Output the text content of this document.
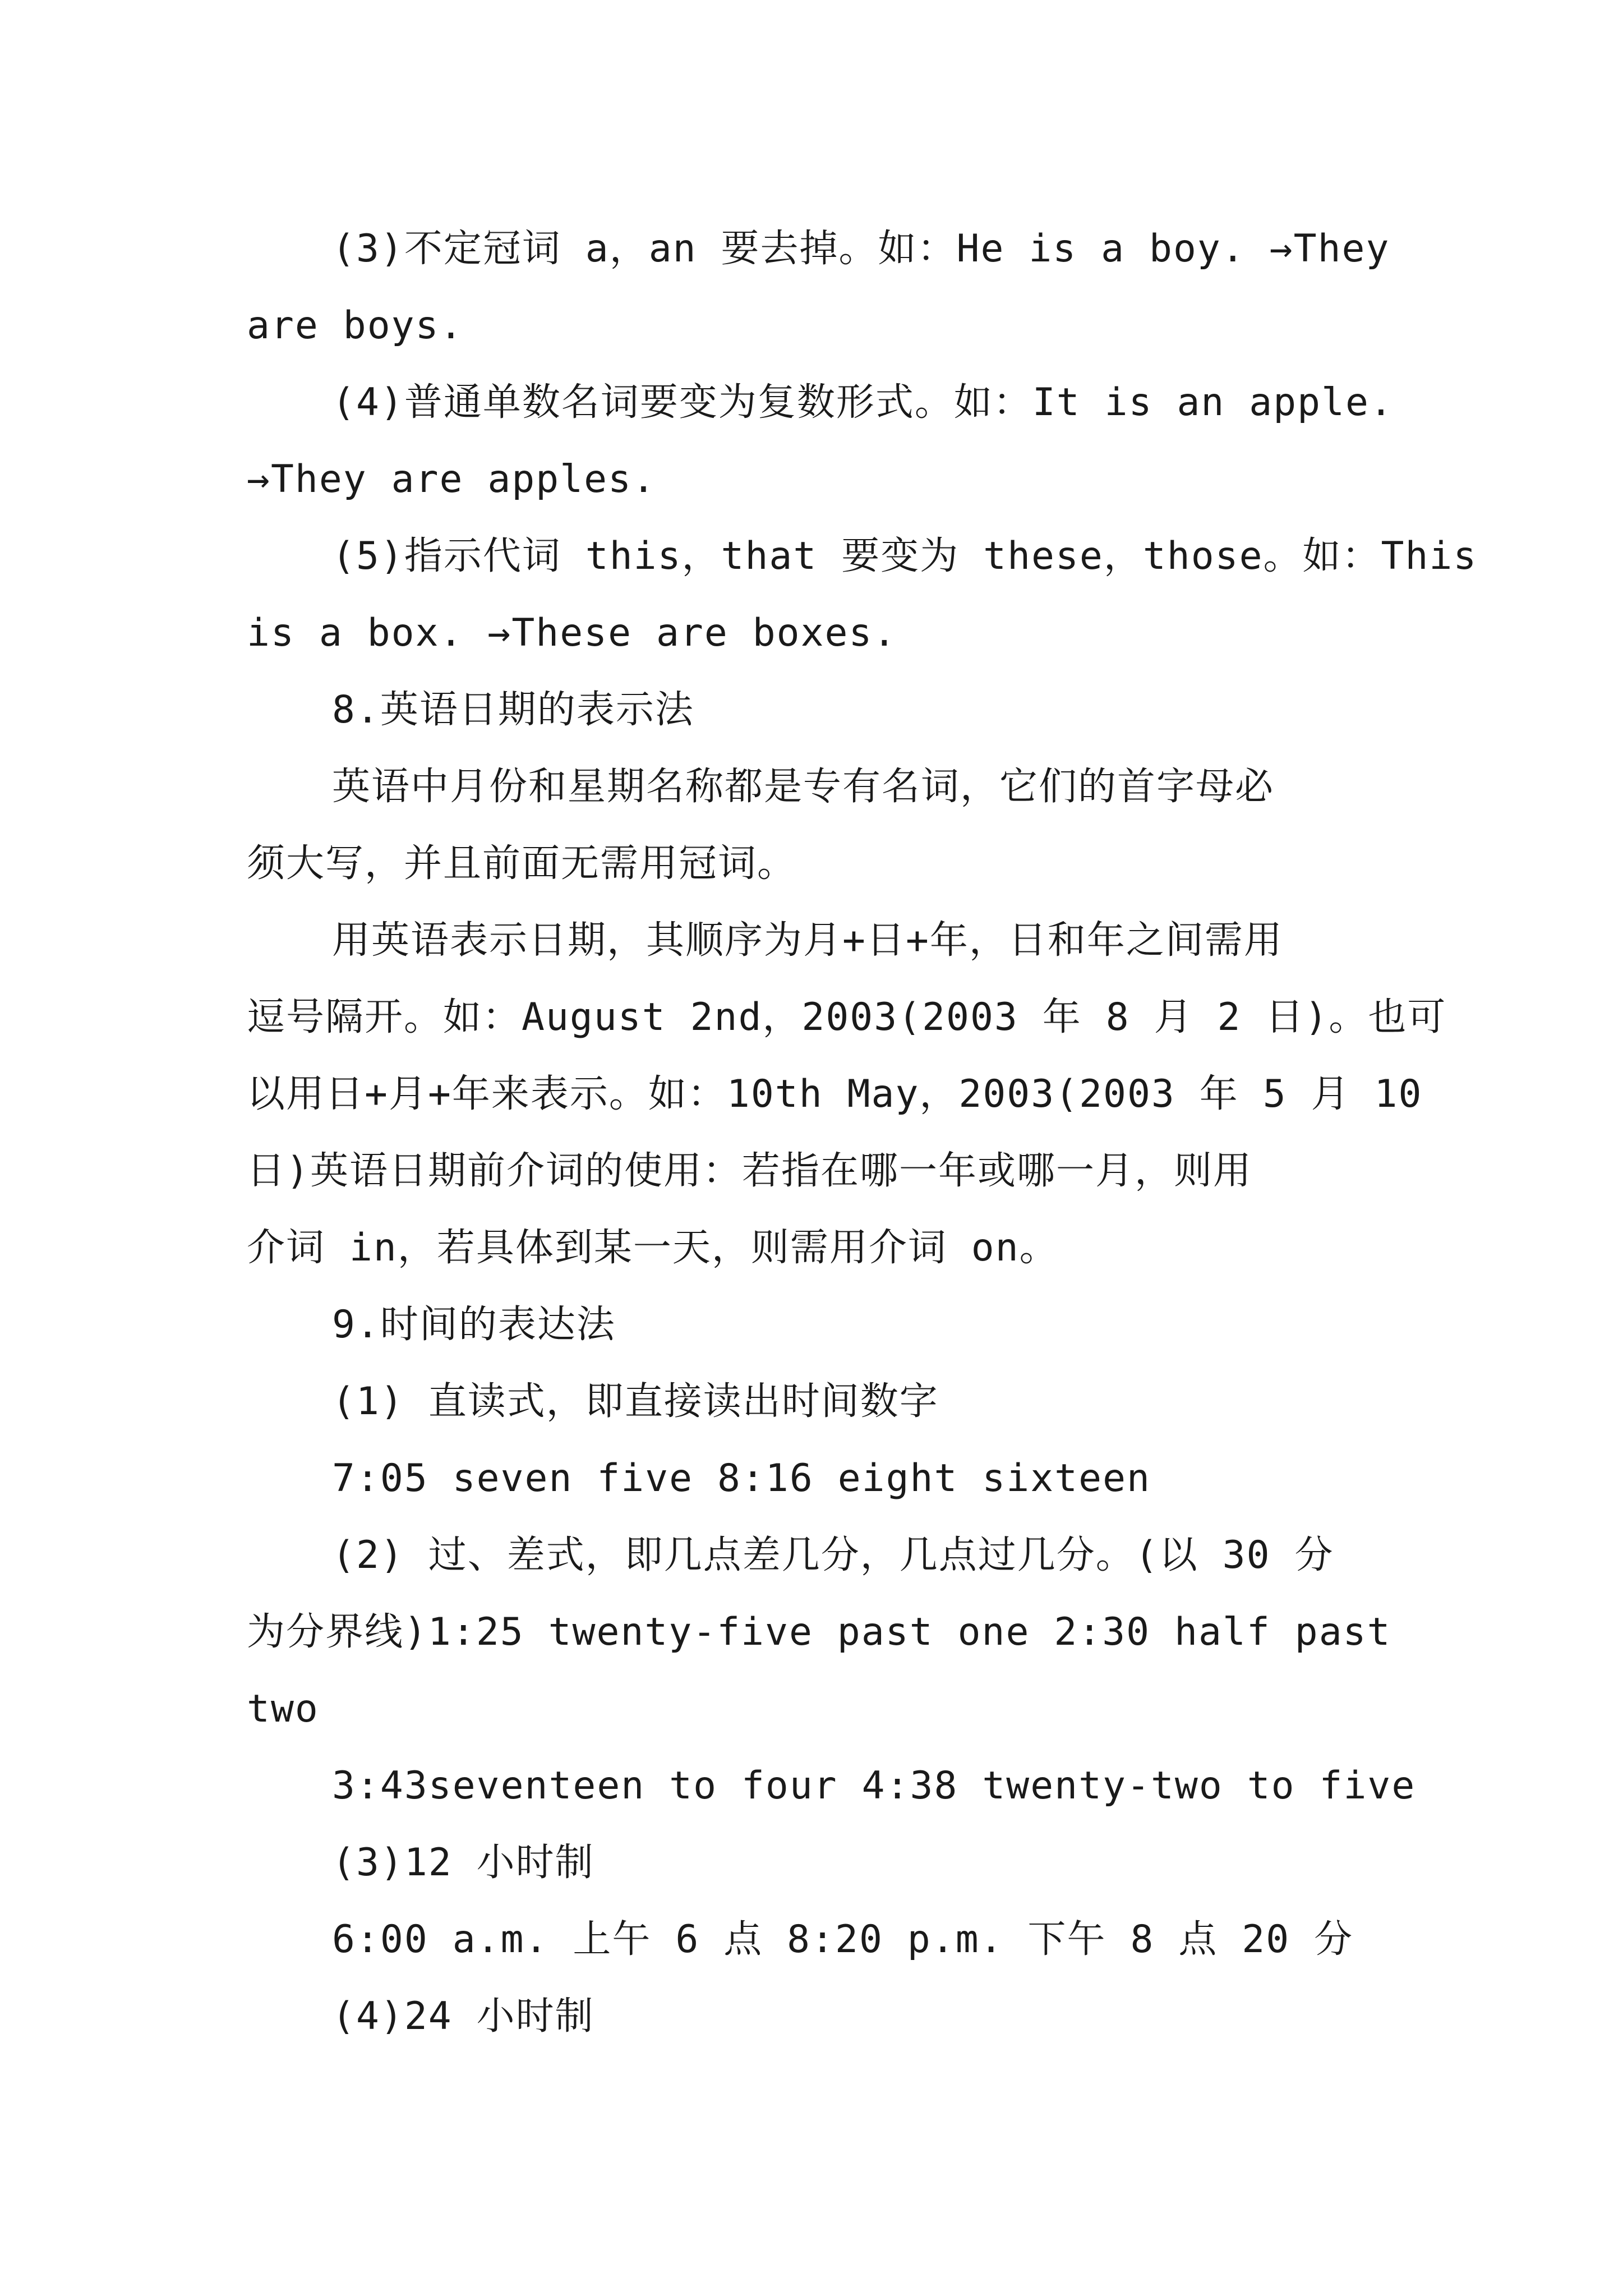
(3)不定冠词 a，an 要去掉。如：He is a boy. →They
are boys.
(4)普通单数名词要变为复数形式。如：It is an apple.
→They are apples.
(5)指示代词 this，that 要变为 these，those。如：This
is a box. →These are boxes.
8.英语日期的表示法
英语中月份和星期名称都是专有名词，它们的首字母必
须大写，并且前面无需用冠词。
用英语表示日期，其顺序为月+日+年，日和年之间需用
逗号隔开。如：August 2nd，2003(2003 年 8 月 2 日)。也可
以用日+月+年来表示。如：10th May，2003(2003 年 5 月 10
日)英语日期前介词的使用：若指在哪一年或哪一月，则用
介词 in，若具体到某一天，则需用介词 on。
9.时间的表达法
(1) 直读式，即直接读出时间数字
7:05 seven five 8:16 eight sixteen
(2) 过、差式，即几点差几分，几点过几分。(以 30 分
为分界线)1:25 twenty-five past one 2:30 half past
two
3:43seventeen to four 4:38 twenty-two to five
(3)12 小时制
6:00 a.m. 上午 6 点 8:20 p.m. 下午 8 点 20 分
(4)24 小时制
